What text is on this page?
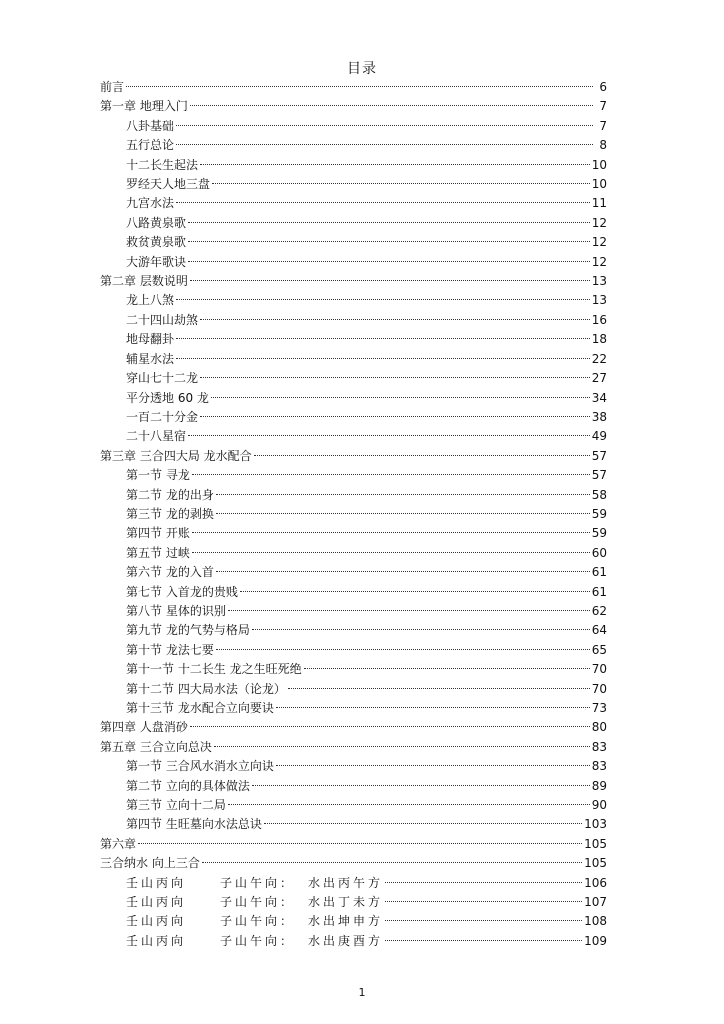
目录
前言	6
第一章 地理入门	7
八卦基础	7
五行总论	8
十二长生起法	10
罗经天人地三盘	10
九宫水法	11
八路黄泉歌	12
救贫黄泉歌	12
大游年歌诀	12
第二章 层数说明	13
龙上八煞	13
二十四山劫煞	16
地母翻卦	18
辅星水法	22
穿山七十二龙	27
平分透地 60 龙	34
一百二十分金	38
二十八星宿	49
第三章 三合四大局 龙水配合	57
第一节 寻龙	57
第二节 龙的出身	58
第三节 龙的剥换	59
第四节 开账	59
第五节 过峡	60
第六节 龙的入首	61
第七节 入首龙的贵贱	61
第八节 星体的识别	62
第九节 龙的气势与格局	64
第十节 龙法七要	65
第十一节 十二长生 龙之生旺死绝	70
第十二节 四大局水法（论龙）	70
第十三节 龙水配合立向要诀	73
第四章 人盘消砂	80
第五章 三合立向总决	83
第一节 三合风水消水立向诀	83
第二节 立向的具体做法	89
第三节 立向十二局	90
第四节 生旺墓向水法总诀	103
第六章	105
三合纳水 向上三合	105
壬山丙向	子山午向：	水出丙午方	106
壬山丙向	子山午向：	水出丁未方	107
壬山丙向	子山午向：	水出坤申方	108
壬山丙向	子山午向：	水出庚酉方	109
1
